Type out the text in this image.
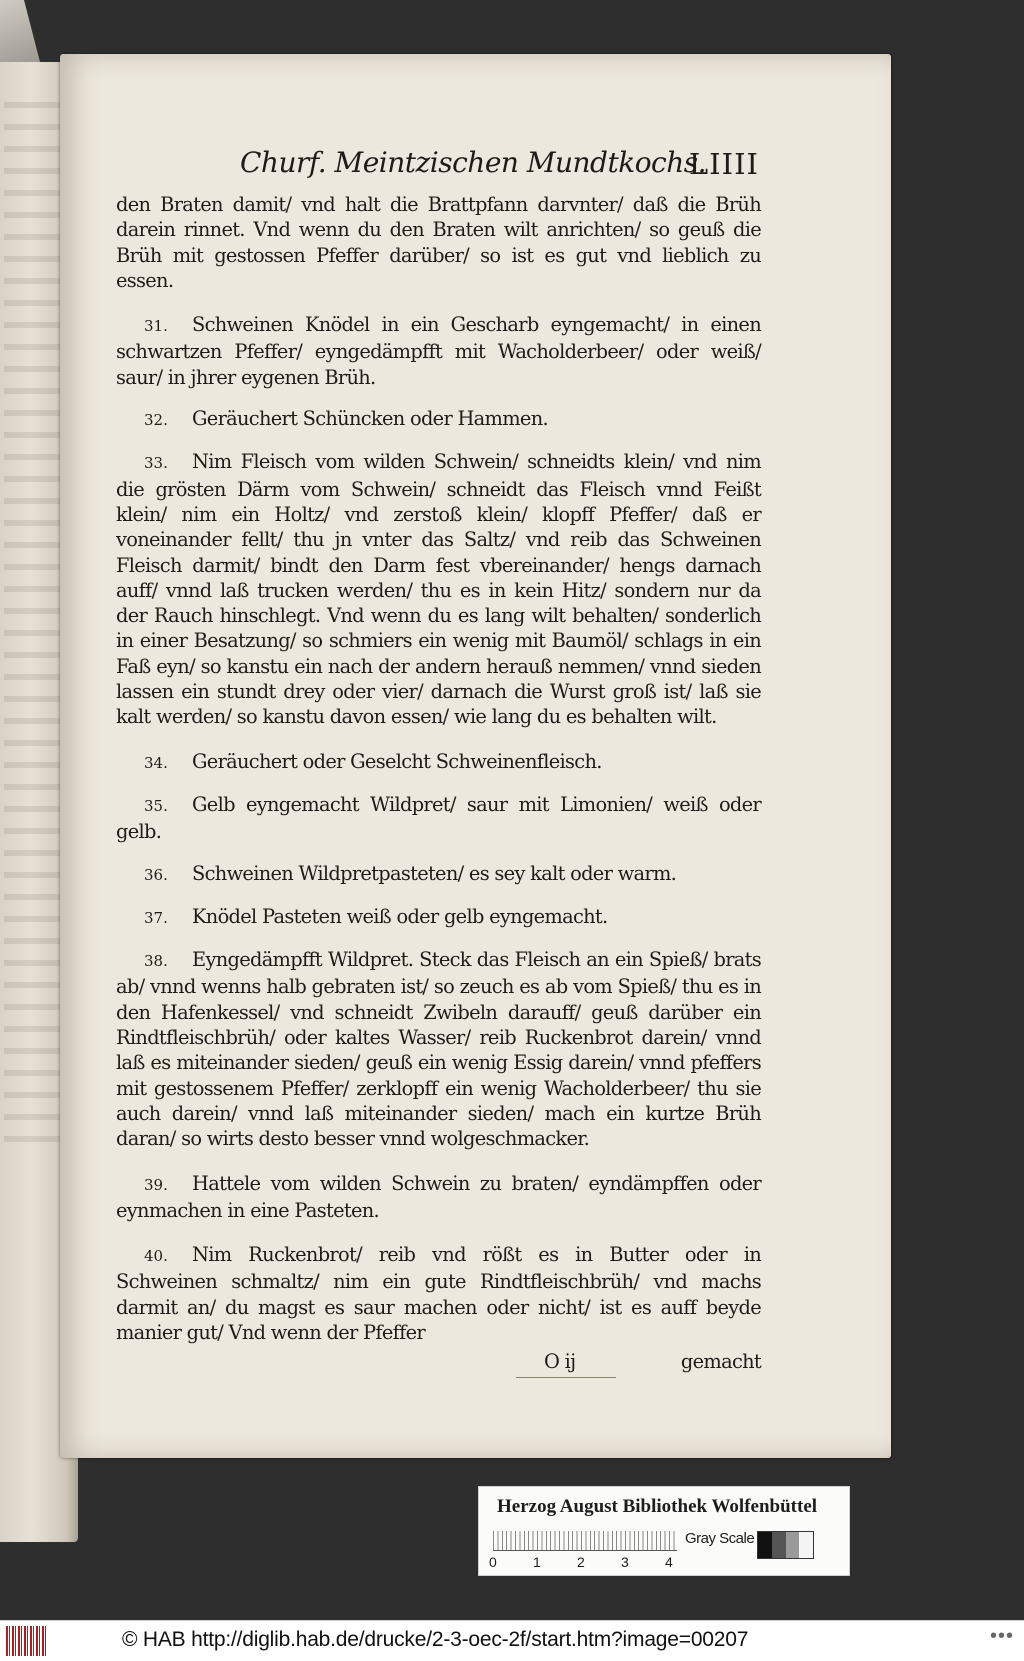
Churf. Meintzischen Mundtkochs.
LIIII

den Braten damit/ vnd halt die Brattpfann darvnter/ daß die Brüh darein rinnet. Vnd wenn du den Braten wilt anrichten/ so geuß die Brüh mit gestossen Pfeffer darüber/ so ist es gut vnd lieblich zu essen.

31. Schweinen Knödel in ein Gescharb eyngemacht/ in einen schwartzen Pfeffer/ eyngedämpfft mit Wacholderbeer/ oder weiß/ saur/ in jhrer eygenen Brüh.

32. Geräuchert Schüncken oder Hammen.

33. Nim Fleisch vom wilden Schwein/ schneidts klein/ vnd nim die grösten Därm vom Schwein/ schneidt das Fleisch vnnd Feißt klein/ nim ein Holtz/ vnd zerstoß klein/ klopff Pfeffer/ daß er voneinander fellt/ thu jn vnter das Saltz/ vnd reib das Schweinen Fleisch darmit/ bindt den Darm fest vbereinander/ hengs darnach auff/ vnnd laß trucken werden/ thu es in kein Hitz/ sondern nur da der Rauch hinschlegt. Vnd wenn du es lang wilt behalten/ sonderlich in einer Besatzung/ so schmiers ein wenig mit Baumöl/ schlags in ein Faß eyn/ so kanstu ein nach der andern herauß nemmen/ vnnd sieden lassen ein stundt drey oder vier/ darnach die Wurst groß ist/ laß sie kalt werden/ so kanstu davon essen/ wie lang du es behalten wilt.

34. Geräuchert oder Geselcht Schweinenfleisch.

35. Gelb eyngemacht Wildpret/ saur mit Limonien/ weiß oder gelb.

36. Schweinen Wildpretpasteten/ es sey kalt oder warm.

37. Knödel Pasteten weiß oder gelb eyngemacht.

38. Eyngedämpfft Wildpret. Steck das Fleisch an ein Spieß/ brats ab/ vnnd wenns halb gebraten ist/ so zeuch es ab vom Spieß/ thu es in den Hafenkessel/ vnd schneidt Zwibeln darauff/ geuß darüber ein Rindtfleischbrüh/ oder kaltes Wasser/ reib Ruckenbrot darein/ vnnd laß es miteinander sieden/ geuß ein wenig Essig darein/ vnnd pfeffers mit gestossenem Pfeffer/ zerklopff ein wenig Wacholderbeer/ thu sie auch darein/ vnnd laß miteinander sieden/ mach ein kurtze Brüh daran/ so wirts desto besser vnnd wolgeschmacker.

39. Hattele vom wilden Schwein zu braten/ eyndämpffen oder eynmachen in eine Pasteten.

40. Nim Ruckenbrot/ reib vnd rößt es in Butter oder in Schweinen schmaltz/ nim ein gute Rindtfleischbrüh/ vnd machs darmit an/ du magst es saur machen oder nicht/ ist es auff beyde manier gut/ Vnd wenn der Pfeffer

O ij	gemacht
Herzog August Bibliothek Wolfenbüttel
0	1	2	3	4
Gray Scale
© HAB http://diglib.hab.de/drucke/2-3-oec-2f/start.htm?image=00207	•••
